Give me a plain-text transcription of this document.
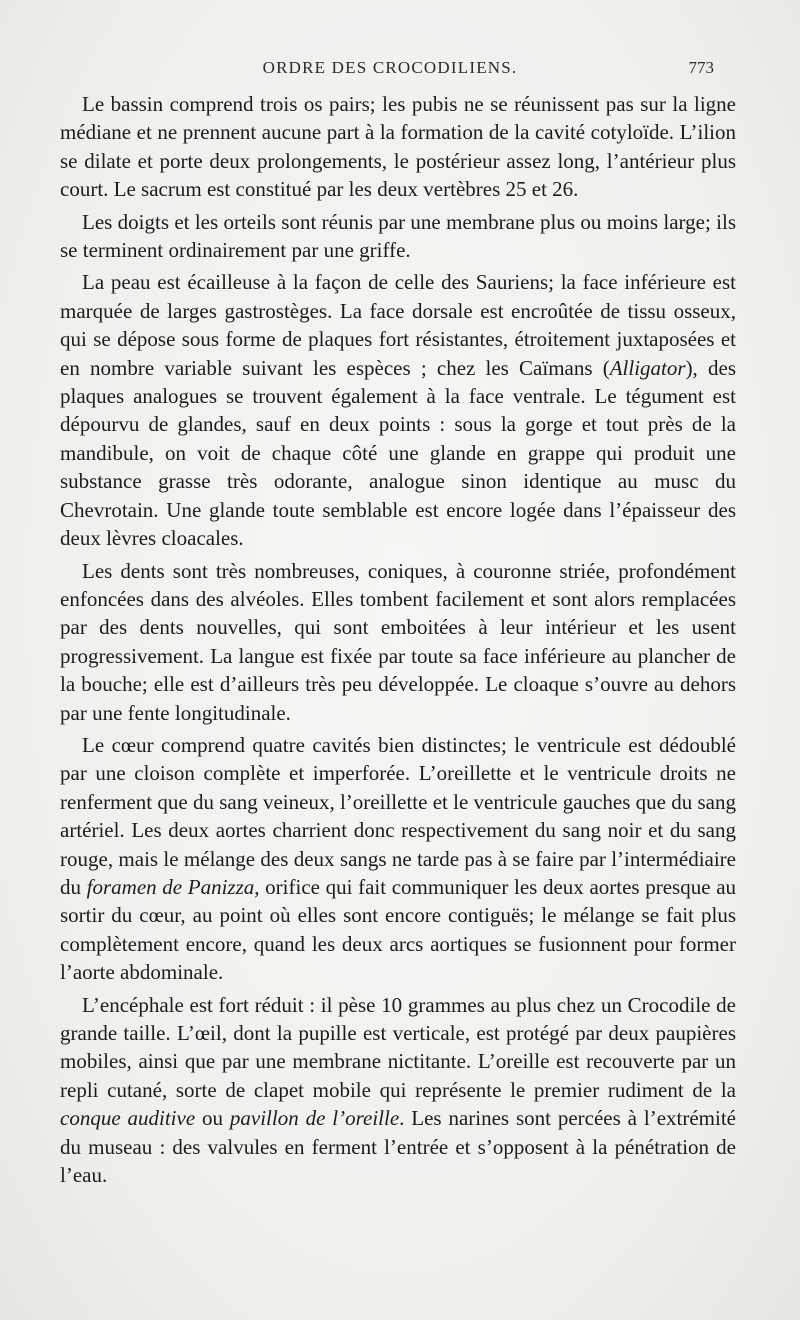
ORDRE DES CROCODILIENS.	773

Le bassin comprend trois os pairs; les pubis ne se réunissent pas sur la ligne médiane et ne prennent aucune part à la formation de la cavité cotyloïde. L’ilion se dilate et porte deux prolongements, le postérieur assez long, l’antérieur plus court. Le sacrum est constitué par les deux vertèbres 25 et 26.

Les doigts et les orteils sont réunis par une membrane plus ou moins large; ils se terminent ordinairement par une griffe.

La peau est écailleuse à la façon de celle des Sauriens; la face inférieure est marquée de larges gastrostèges. La face dorsale est encroûtée de tissu osseux, qui se dépose sous forme de plaques fort résistantes, étroitement juxtaposées et en nombre variable suivant les espèces ; chez les Caïmans (Alligator), des plaques analogues se trouvent également à la face ventrale. Le tégument est dépourvu de glandes, sauf en deux points : sous la gorge et tout près de la mandibule, on voit de chaque côté une glande en grappe qui produit une substance grasse très odorante, analogue sinon identique au musc du Chevrotain. Une glande toute semblable est encore logée dans l’épaisseur des deux lèvres cloacales.

Les dents sont très nombreuses, coniques, à couronne striée, profondément enfoncées dans des alvéoles. Elles tombent facilement et sont alors remplacées par des dents nouvelles, qui sont emboitées à leur intérieur et les usent progressivement. La langue est fixée par toute sa face inférieure au plancher de la bouche; elle est d’ailleurs très peu développée. Le cloaque s’ouvre au dehors par une fente longitudinale.

Le cœur comprend quatre cavités bien distinctes; le ventricule est dédoublé par une cloison complète et imperforée. L’oreillette et le ventricule droits ne renferment que du sang veineux, l’oreillette et le ventricule gauches que du sang artériel. Les deux aortes charrient donc respectivement du sang noir et du sang rouge, mais le mélange des deux sangs ne tarde pas à se faire par l’intermédiaire du foramen de Panizza, orifice qui fait communiquer les deux aortes presque au sortir du cœur, au point où elles sont encore contiguës; le mélange se fait plus complètement encore, quand les deux arcs aortiques se fusionnent pour former l’aorte abdominale.

L’encéphale est fort réduit : il pèse 10 grammes au plus chez un Crocodile de grande taille. L’œil, dont la pupille est verticale, est protégé par deux paupières mobiles, ainsi que par une membrane nictitante. L’oreille est recouverte par un repli cutané, sorte de clapet mobile qui représente le premier rudiment de la conque auditive ou pavillon de l’oreille. Les narines sont percées à l’extrémité du museau : des valvules en ferment l’entrée et s’opposent à la pénétration de l’eau.
